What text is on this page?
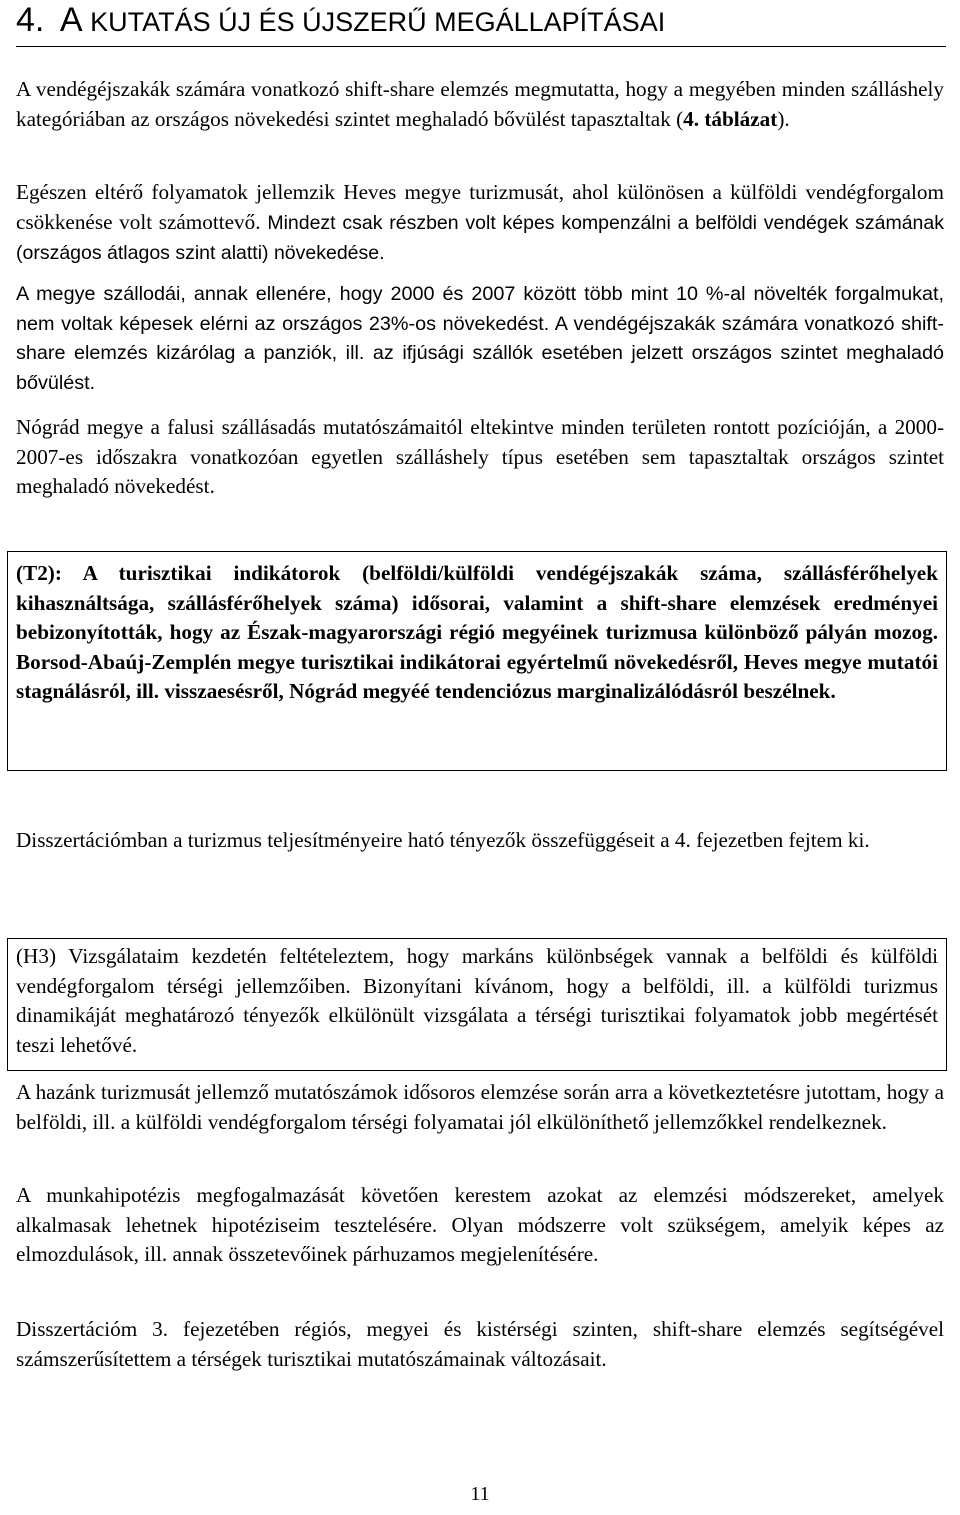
4. A KUTATÁS ÚJ ÉS ÚJSZERŰ MEGÁLLAPÍTÁSAI

A vendégéjszakák számára vonatkozó shift-share elemzés megmutatta, hogy a megyében minden szálláshely kategóriában az országos növekedési szintet meghaladó bővülést tapasztaltak (4. táblázat).

Egészen eltérő folyamatok jellemzik Heves megye turizmusát, ahol különösen a külföldi vendégforgalom csökkenése volt számottevő. Mindezt csak részben volt képes kompenzálni a belföldi vendégek számának (országos átlagos szint alatti) növekedése.

A megye szállodái, annak ellenére, hogy 2000 és 2007 között több mint 10 %-al növelték forgalmukat, nem voltak képesek elérni az országos 23%-os növekedést. A vendégéjszakák számára vonatkozó shift-share elemzés kizárólag a panziók, ill. az ifjúsági szállók esetében jelzett országos szintet meghaladó bővülést.

Nógrád megye a falusi szállásadás mutatószámaitól eltekintve minden területen rontott pozícióján, a 2000-2007-es időszakra vonatkozóan egyetlen szálláshely típus esetében sem tapasztaltak országos szintet meghaladó növekedést.

(T2): A turisztikai indikátorok (belföldi/külföldi vendégéjszakák száma, szállásférőhelyek kihasználtsága, szállásférőhelyek száma) idősorai, valamint a shift-share elemzések eredményei bebizonyították, hogy az Észak-magyarországi régió megyéinek turizmusa különböző pályán mozog. Borsod-Abaúj-Zemplén megye turisztikai indikátorai egyértelmű növekedésről, Heves megye mutatói stagnálásról, ill. visszaesésről, Nógrád megyéé tendenciózus marginalizálódásról beszélnek.

Disszertációmban a turizmus teljesítményeire ható tényezők összefüggéseit a 4. fejezetben fejtem ki.

(H3) Vizsgálataim kezdetén feltételeztem, hogy markáns különbségek vannak a belföldi és külföldi vendégforgalom térségi jellemzőiben. Bizonyítani kívánom, hogy a belföldi, ill. a külföldi turizmus dinamikáját meghatározó tényezők elkülönült vizsgálata a térségi turisztikai folyamatok jobb megértését teszi lehetővé.

A hazánk turizmusát jellemző mutatószámok idősoros elemzése során arra a következtetésre jutottam, hogy a belföldi, ill. a külföldi vendégforgalom térségi folyamatai jól elkülöníthető jellemzőkkel rendelkeznek.

A munkahipotézis megfogalmazását követően kerestem azokat az elemzési módszereket, amelyek alkalmasak lehetnek hipotéziseim tesztelésére. Olyan módszerre volt szükségem, amelyik képes az elmozdulások, ill. annak összetevőinek párhuzamos megjelenítésére.

Disszertációm 3. fejezetében régiós, megyei és kistérségi szinten, shift-share elemzés segítségével számszerűsítettem a térségek turisztikai mutatószámainak változásait.

11
